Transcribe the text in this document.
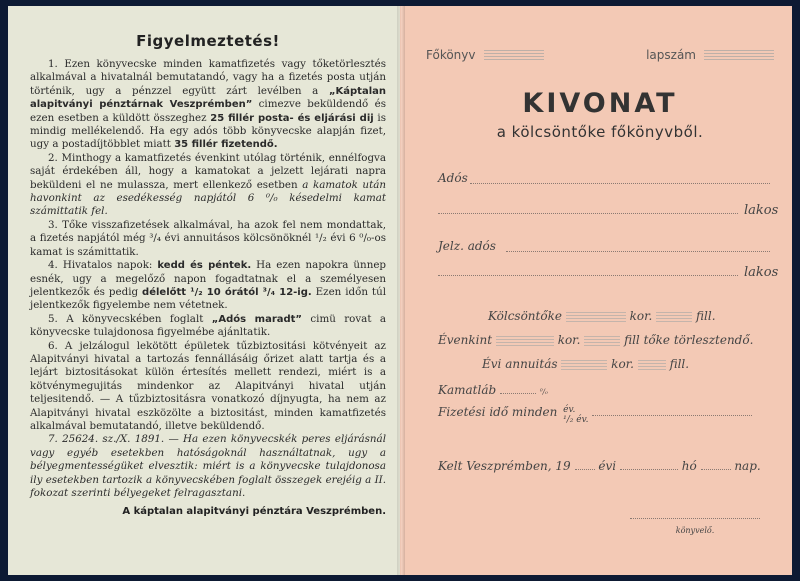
Figyelmeztetés!

1. Ezen könyvecske minden kamatfizetés vagy tőketörlesztés alkalmával a hivatalnál bemutatandó, vagy ha a fizetés posta utján történik, ugy a pénzzel együtt zárt levélben a „Káptalan alapitványi pénztárnak Veszprémben” cimezve beküldendő és ezen esetben a küldött összeghez 25 fillér posta- és eljárási dij is mindig mellékelendő. Ha egy adós több könyvecske alapján fizet, ugy a postadíjtöbblet miatt 35 fillér fizetendő.

2. Minthogy a kamatfizetés évenkint utólag történik, ennélfogva saját érdekében áll, hogy a kamatokat a jelzett lejárati napra beküldeni el ne mulassza, mert ellenkező esetben a kamatok után havonkint az esedékesség napjától 6 ⁰/₀ késedelmi kamat számittatik fel.

3. Tőke visszafizetések alkalmával, ha azok fel nem mondattak, a fizetés napjától még ³/₄ évi annuitásos kölcsönöknél ¹/₂ évi 6 ⁰/₀-os kamat is számittatik.

4. Hivatalos napok: kedd és péntek. Ha ezen napokra ünnep esnék, ugy a megelőző napon fogadtatnak el a személyesen jelentkezők és pedig délelőtt ¹/₂ 10 órától ³/₄ 12-ig. Ezen időn túl jelentkezők figyelembe nem vétetnek.

5. A könyvecskében foglalt „Adós maradt” cimü rovat a könyvecske tulajdonosa figyelmébe ajánltatik.

6. A jelzálogul lekötött épületek tűzbiztositási kötvényeit az Alapitványi hivatal a tartozás fennállásáig őrizet alatt tartja és a lejárt biztositásokat külön értesítés mellett rendezi, miért is a kötvénymegujitás mindenkor az Alapitványi hivatal utján teljesitendő. — A tűzbiztositásra vonatkozó díjnyugta, ha nem az Alapitványi hivatal eszközölte a biztositást, minden kamatfizetés alkalmával bemutatandó, illetve beküldendő.

7. 25624. sz./X. 1891. — Ha ezen könyvecskék peres eljárásnál vagy egyéb esetekben hatóságoknál használtatnak, ugy a bélyegmentességüket elvesztik: miért is a könyvecske tulajdonosa ily esetekben tartozik a könyvecskében foglalt összegek erejéig a II. fokozat szerinti bélyegeket felragasztani.

A káptalan alapitványi pénztára Veszprémben.
Főkönyv	lapszám
KIVONAT
a kölcsöntőke főkönyvből.
Adós
lakos
Jelz. adós
lakos
Kölcsöntőke	kor.	fill.
Évenkint	kor.	fill tőke törlesztendő.
Évi annuitás	kor.	fill.
Kamatláb	⁰/₀
Fizetési idő minden év.
¹/₂ év.
Kelt Veszprémben, 19 évi	hó	nap.
könyvelő.
